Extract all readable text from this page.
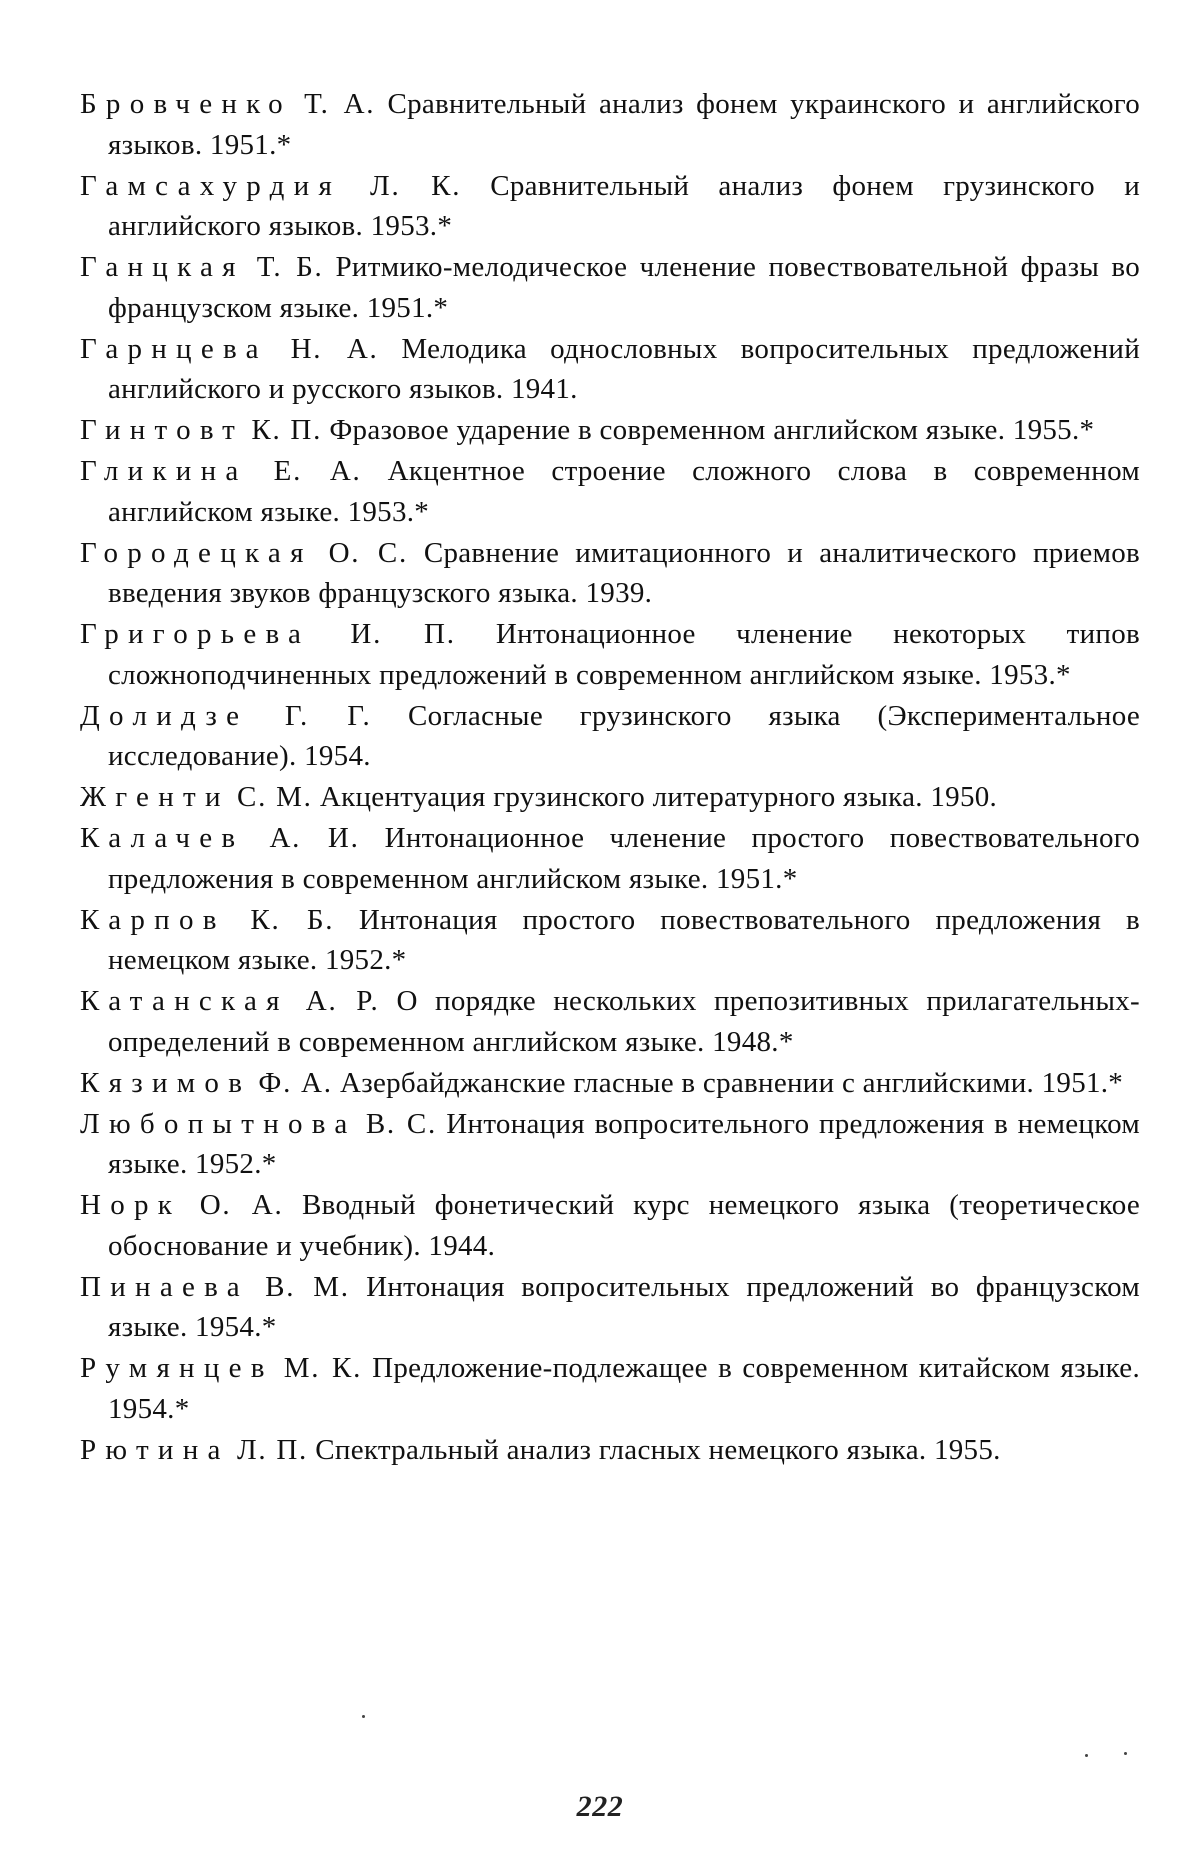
Бровченко Т. А. Сравнительный анализ фонем украинского и английского языков. 1951.*

Гамсахурдия Л. К. Сравнительный анализ фонем грузинского и английского языков. 1953.*

Ганцкая Т. Б. Ритмико-мелодическое членение повествовательной фразы во французском языке. 1951.*

Гарнцева Н. А. Мелодика однословных вопросительных предложений английского и русского языков. 1941.

Гинтовт К. П. Фразовое ударение в современном английском языке. 1955.*

Гликина Е. А. Акцентное строение сложного слова в современном английском языке. 1953.*

Городецкая О. С. Сравнение имитационного и аналитического приемов введения звуков французского языка. 1939.

Григорьева И. П. Интонационное членение некоторых типов сложноподчиненных предложений в современном английском языке. 1953.*

Долидзе Г. Г. Согласные грузинского языка (Экспериментальное исследование). 1954.

Жгенти С. М. Акцентуация грузинского литературного языка. 1950.

Калачев А. И. Интонационное членение простого повествовательного предложения в современном английском языке. 1951.*

Карпов К. Б. Интонация простого повествовательного предложения в немецком языке. 1952.*

Катанская А. Р. О порядке нескольких препозитивных прилагательных-определений в современном английском языке. 1948.*

Кязимов Ф. А. Азербайджанские гласные в сравнении с английскими. 1951.*

Любопытнова В. С. Интонация вопросительного предложения в немецком языке. 1952.*

Норк О. А. Вводный фонетический курс немецкого языка (теоретическое обоснование и учебник). 1944.

Пинаева В. М. Интонация вопросительных предложений во французском языке. 1954.*

Румянцев М. К. Предложение-подлежащее в современном китайском языке. 1954.*

Рютина Л. П. Спектральный анализ гласных немецкого языка. 1955.

222
